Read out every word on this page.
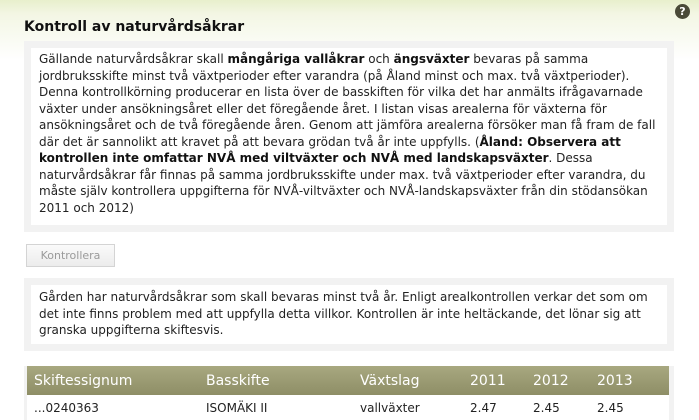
?
Kontroll av naturvårdsåkrar

Gällande naturvårdsåkrar skall mångåriga vallåkrar och ängsväxter bevaras på samma jordbruksskifte minst två växtperioder efter varandra (på Åland minst och max. två växtperioder). Denna kontrollkörning producerar en lista över de basskiften för vilka det har anmälts ifrågavarnade växter under ansökningsåret eller det föregående året. I listan visas arealerna för växterna för ansökningsåret och de två föregående åren. Genom att jämföra arealerna försöker man få fram de fall där det är sannolikt att kravet på att bevara grödan två år inte uppfylls. (Åland: Observera att kontrollen inte omfattar NVÅ med viltväxter och NVÅ med landskapsväxter. Dessa naturvårdsåkrar får finnas på samma jordbruksskifte under max. två växtperioder efter varandra, du måste själv kontrollera uppgifterna för NVÅ-viltväxter och NVÅ-landskapsväxter från din stödansökan 2011 och 2012)

Kontrollera

Gården har naturvårdsåkrar som skall bevaras minst två år. Enligt arealkontrollen verkar det som om det inte finns problem med att uppfylla detta villkor. Kontrollen är inte heltäckande, det lönar sig att granska uppgifterna skiftesvis.

Skiftessignum	Basskifte	Växtslag	2011	2012	2013
...0240363	ISOMÄKI II	vallväxter	2.47	2.45	2.45
